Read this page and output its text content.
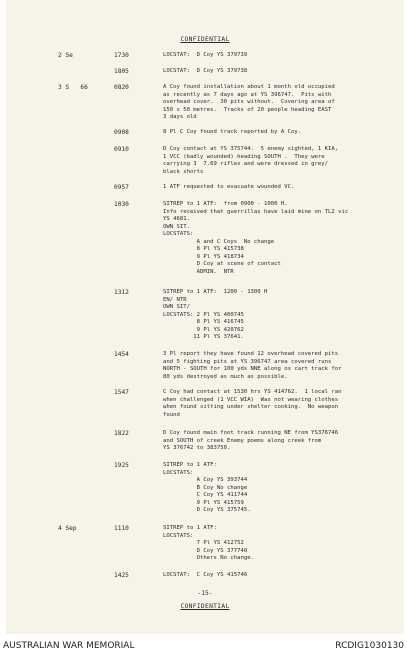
CONFIDENTIAL
2 Se	1730	LOCSTAT:  D Coy YS 379739
1805	LOCSTAT:  D Coy YS 379738
3 S   66	0820	A Coy found installation about 1 month old occupied
as recently as 7 days ago at YS 396747.  Pits with
overhead cover.  30 pits without.  Covering area of
150 x 50 metres.  Tracks of 20 people heading EAST
3 days old
0908	8 Pl C Coy found track reported by A Coy.
0910	D Coy contact at YS 375744.  5 enemy sighted, 1 KIA,
1 VCC (badly wounded) heading SOUTH .  They were
carrying 3  7.69 rifles and were dressed in grey/
black shorts
0957	1 ATF requested to evacuate wounded VC.
1030	SITREP to 1 ATF:  from 0900 - 1000 H.
Info received that guerrillas have laid mine on TL2 vic
YS 4681.
OWN SIT.
LOCSTATS:
A and C Coys  No change
8 Pl YS 415738
9 Pl YS 418734
D Coy at scene of contact
ADMIN.  NTR
1312	SITREP to 1 ATF:  1200 - 1300 H
EN/ NTR
OWN SIT/
LOCSTATS: 2 Pl YS 400745
8 Pl YS 416745
9 Pl YS 420762
11 Pl YS 37641.
1454	3 Pl report they have found 12 overhead covered pits
and 5 fighting pits at YS 396747 area covered runs
NORTH - SOUTH for 100 yds NNE along ox cart track for
80 yds destroyed as much as possible.
1547	C Coy had contact at 1530 hrs YS 414762.  1 local ran
when challenged (1 VCC WIA)  Was not wearing clothes
when found sitting under shelter cooking.  No weapon
found
1822	D Coy found main foot track running NE from YS376746
and SOUTH of creek Enemy poems along creek from
YS 376742 to 383750.
1925	SITREP to 1 ATF:
LOCSTATS:
A Coy YS 393744
B Coy No change
C Coy YS 411744
9 Pl YS 415759
D Coy YS 375745.
4 Sep	1110	SITREP to 1 ATF:
LOCSTATS:
7 Pl YS 412752
D Coy YS 377740
Others No change.
1425	LOCSTAT:  C Coy YS 415746
-15-
CONFIDENTIAL
AUSTRALIAN WAR MEMORIAL	RCDIG1030130
